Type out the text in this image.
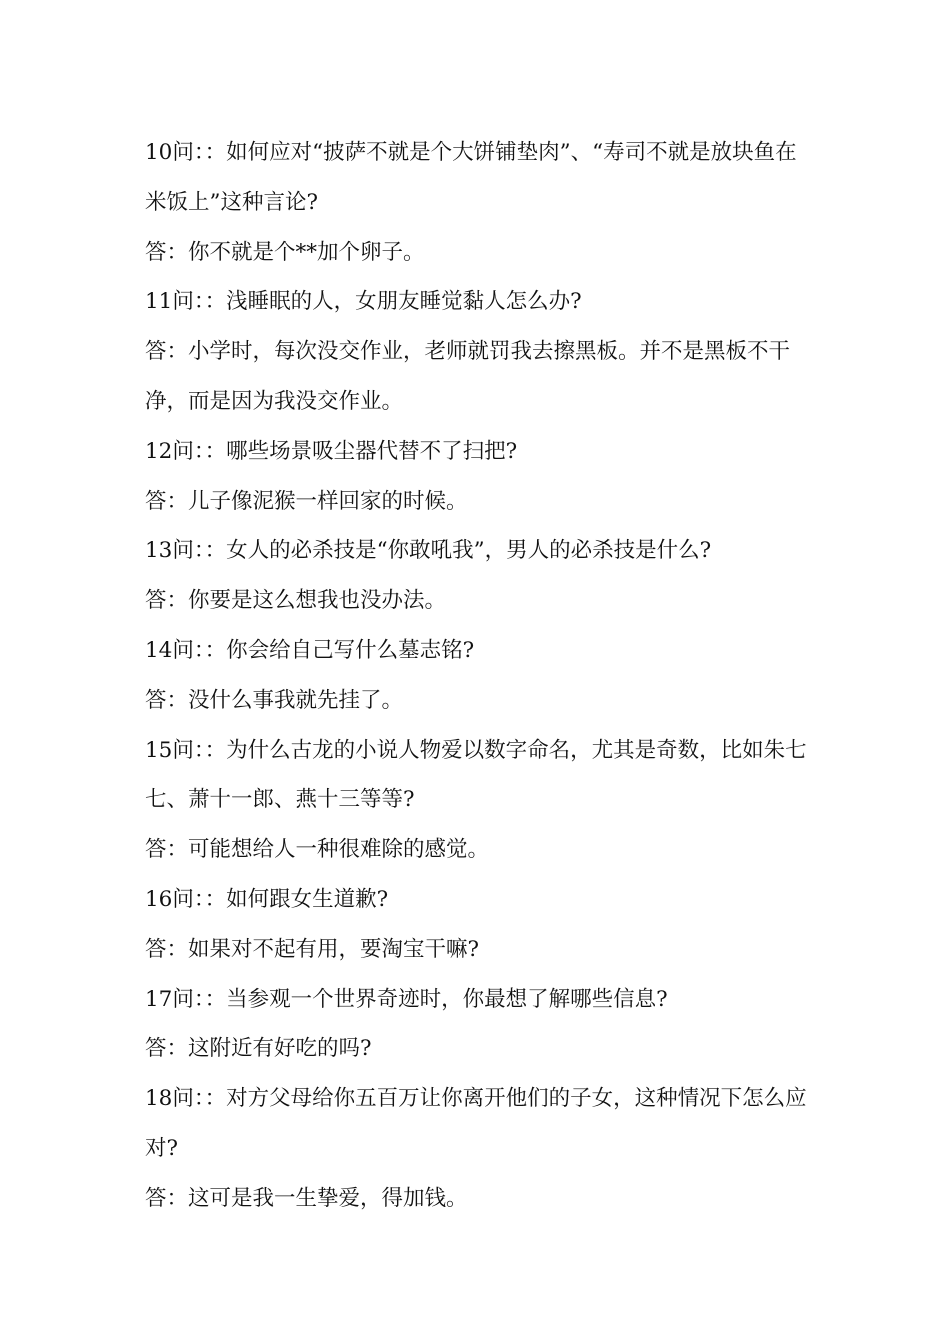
10问：：如何应对“披萨不就是个大饼铺垫肉”、“寿司不就是放块鱼在米饭上”这种言论?

答：你不就是个**加个卵子。

11问：：浅睡眠的人，女朋友睡觉黏人怎么办?

答：小学时，每次没交作业，老师就罚我去擦黑板。并不是黑板不干净，而是因为我没交作业。

12问：：哪些场景吸尘器代替不了扫把?

答：儿子像泥猴一样回家的时候。

13问：：女人的必杀技是“你敢吼我”，男人的必杀技是什么?

答：你要是这么想我也没办法。

14问：：你会给自己写什么墓志铭?

答：没什么事我就先挂了。

15问：：为什么古龙的小说人物爱以数字命名，尤其是奇数，比如朱七七、萧十一郎、燕十三等等?

答：可能想给人一种很难除的感觉。

16问：：如何跟女生道歉?

答：如果对不起有用，要淘宝干嘛?

17问：：当参观一个世界奇迹时，你最想了解哪些信息?

答：这附近有好吃的吗?

18问：：对方父母给你五百万让你离开他们的子女，这种情况下怎么应对?

答：这可是我一生挚爱，得加钱。
